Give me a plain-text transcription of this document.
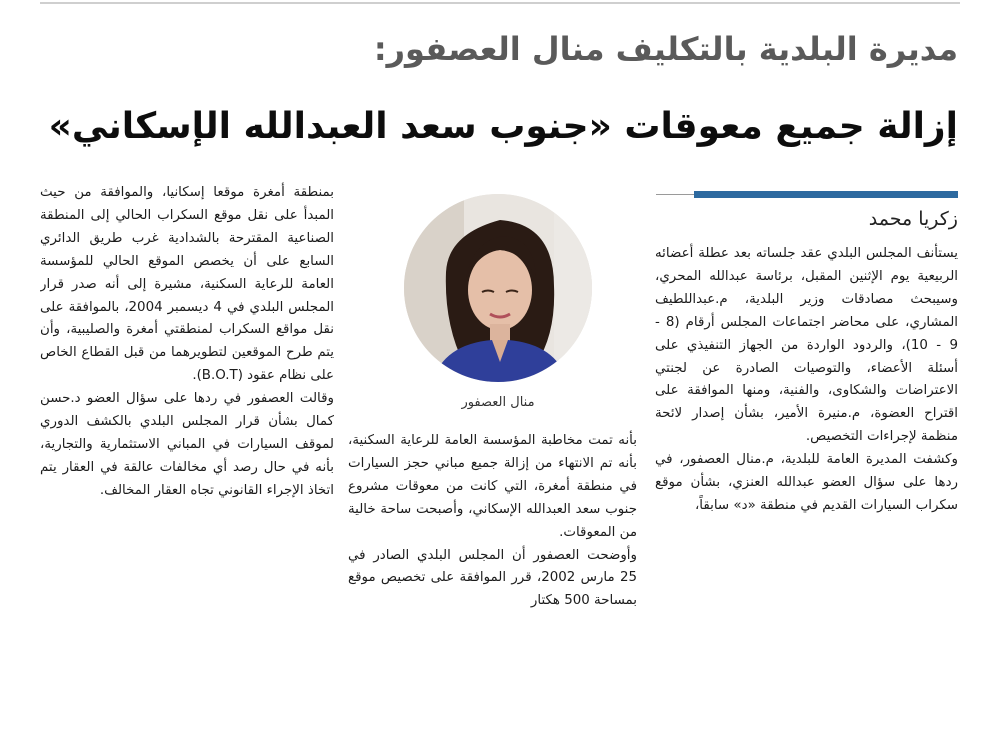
مديرة البلدية بالتكليف منال العصفور:
إزالة جميع معوقات «جنوب سعد العبدالله الإسكاني»
زكريا محمد
منال العصفور

يستأنف المجلس البلدي عقد جلساته بعد عطلة أعضائه الربيعية يوم الإثنين المقبل، برئاسة عبدالله المحري، وسيبحث مصادقات وزير البلدية، م.عبداللطيف المشاري، على محاضر اجتماعات المجلس أرقام (8 - 9 - 10)، والردود الواردة من الجهاز التنفيذي على أسئلة الأعضاء، والتوصيات الصادرة عن لجنتي الاعتراضات والشكاوى، والفنية، ومنها الموافقة على اقتراح العضوة، م.منيرة الأمير، بشأن إصدار لائحة منظمة لإجراءات التخصيص.

وكشفت المديرة العامة للبلدية، م.منال العصفور، في ردها على سؤال العضو عبدالله العنزي، بشأن موقع سكراب السيارات القديم في منطقة «د» سابقاً،

بأنه تمت مخاطبة المؤسسة العامة للرعاية السكنية، بأنه تم الانتهاء من إزالة جميع مباني حجز السيارات في منطقة أمغرة، التي كانت من معوقات مشروع جنوب سعد العبدالله الإسكاني، وأصبحت ساحة خالية من المعوقات.

وأوضحت العصفور أن المجلس البلدي الصادر في 25 مارس 2002، قرر الموافقة على تخصيص موقع بمساحة 500 هكتار

بمنطقة أمغرة موقعا إسكانيا، والموافقة من حيث المبدأ على نقل موقع السكراب الحالي إلى المنطقة الصناعية المقترحة بالشدادية غرب طريق الدائري السابع على أن يخصص الموقع الحالي للمؤسسة العامة للرعاية السكنية، مشيرة إلى أنه صدر قرار المجلس البلدي في 4 ديسمبر 2004، بالموافقة على نقل مواقع السكراب لمنطقتي أمغرة والصليبية، وأن يتم طرح الموقعين لتطويرهما من قبل القطاع الخاص على نظام عقود (B.O.T).

وقالت العصفور في ردها على سؤال العضو د.حسن كمال بشأن قرار المجلس البلدي بالكشف الدوري لموقف السيارات في المباني الاستثمارية والتجارية، بأنه في حال رصد أي مخالفات عالقة في العقار يتم اتخاذ الإجراء القانوني تجاه العقار المخالف.
